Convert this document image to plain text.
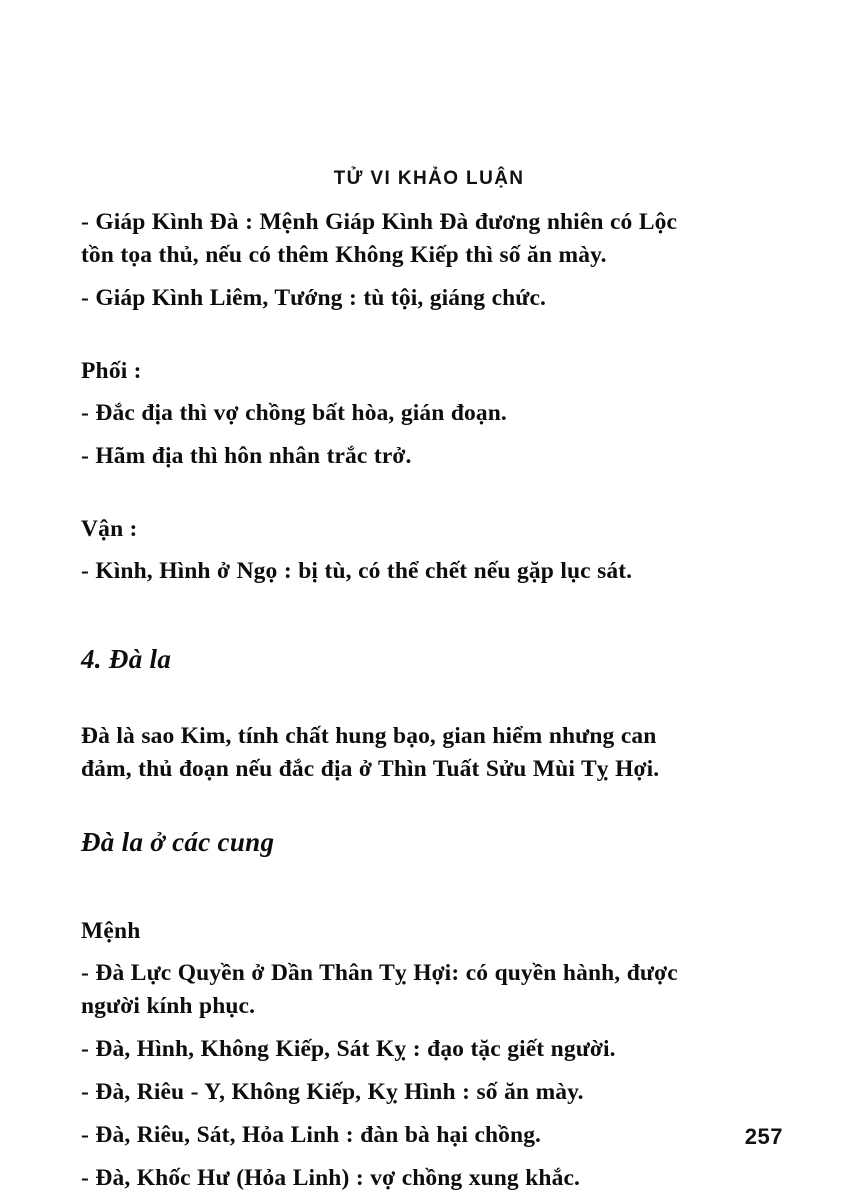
TỬ VI KHẢO LUẬN

- Giáp Kình Đà : Mệnh Giáp Kình Đà đương nhiên có Lộc tồn tọa thủ, nếu có thêm Không Kiếp thì số ăn mày.

- Giáp Kình Liêm, Tướng : tù tội, giáng chức.

Phối :

- Đắc địa thì vợ chồng bất hòa, gián đoạn.

- Hãm địa thì hôn nhân trắc trở.

Vận :

- Kình, Hình ở Ngọ : bị tù, có thể chết nếu gặp lục sát.

4. Đà la

Đà là sao Kim, tính chất hung bạo, gian hiểm nhưng can đảm, thủ đoạn nếu đắc địa ở Thìn Tuất Sửu Mùi Tỵ Hợi.

Đà la ở các cung

Mệnh

- Đà Lực Quyền ở Dần Thân Tỵ Hợi: có quyền hành, được người kính phục.

- Đà, Hình, Không Kiếp, Sát Kỵ : đạo tặc giết người.

- Đà, Riêu - Y, Không Kiếp, Kỵ Hình : số ăn mày.

- Đà, Riêu, Sát, Hỏa Linh : đàn bà hại chồng.

- Đà, Khốc Hư (Hỏa Linh) : vợ chồng xung khắc.

257
